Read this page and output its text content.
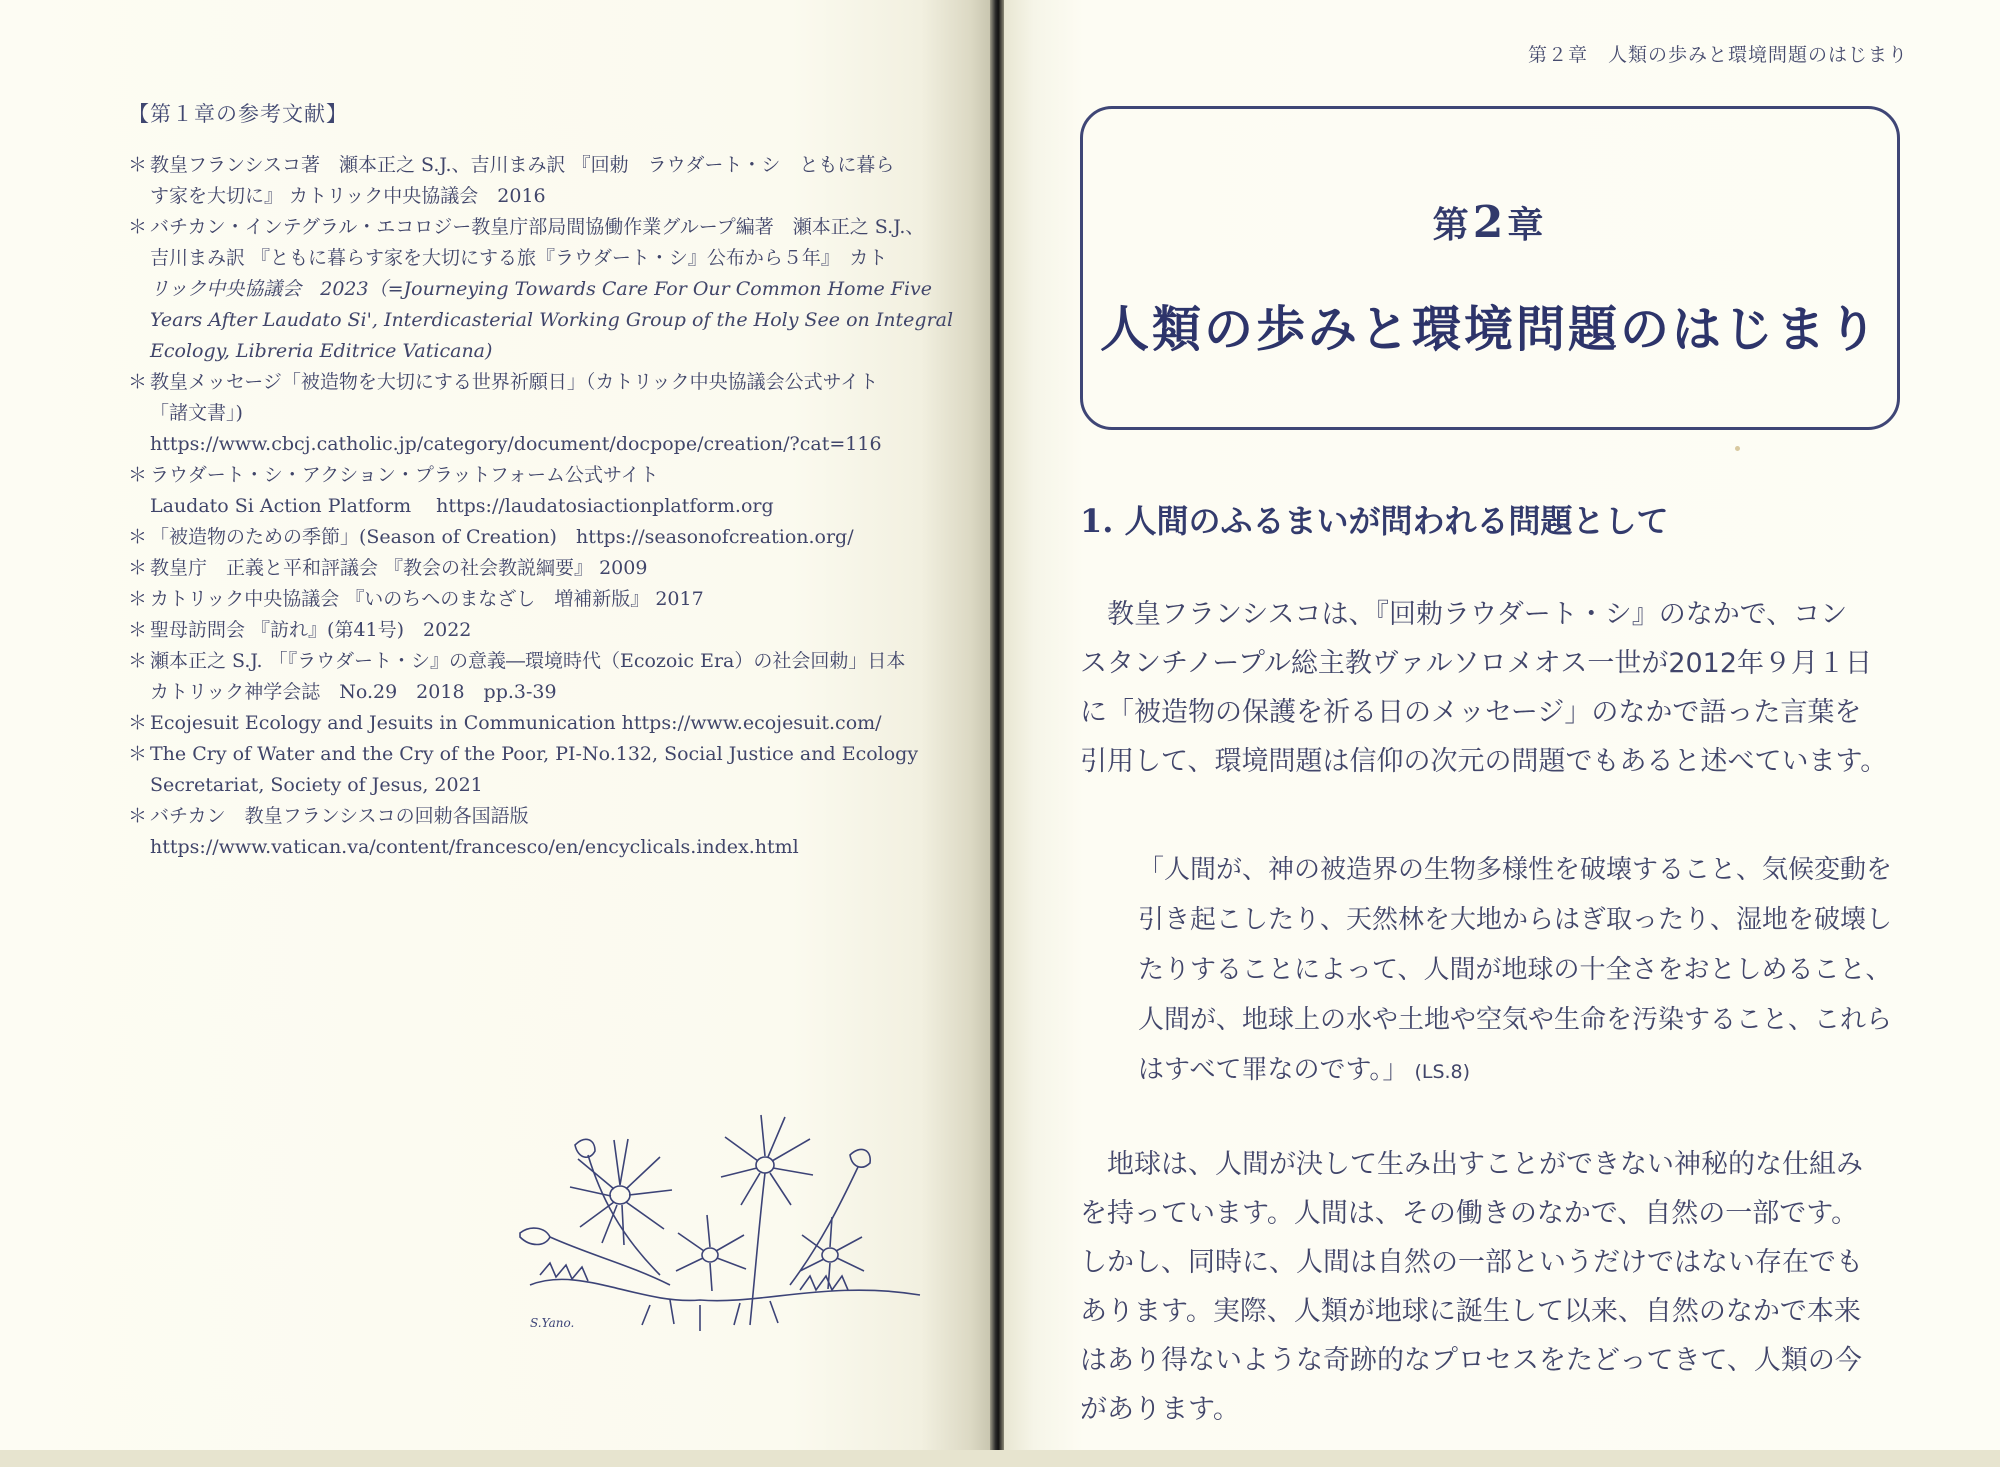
【第１章の参考文献】
＊ 教皇フランシスコ著　瀬本正之 S.J.、吉川まみ訳 『回勅　ラウダート・シ　ともに暮ら
す家を大切に』 カトリック中央協議会　2016
＊ バチカン・インテグラル・エコロジー教皇庁部局間協働作業グループ編著　瀬本正之 S.J.、
吉川まみ訳 『ともに暮らす家を大切にする旅『ラウダート・シ』公布から５年』　カト
リック中央協議会　2023（=Journeying Towards Care For Our Common Home Five
Years After Laudato Si', Interdicasterial Working Group of the Holy See on Integral
Ecology, Libreria Editrice Vaticana)
＊ 教皇メッセージ「被造物を大切にする世界祈願日」（カトリック中央協議会公式サイト
「諸文書」)
https://www.cbcj.catholic.jp/category/document/docpope/creation/?cat=116
＊ ラウダート・シ・アクション・プラットフォーム公式サイト
Laudato Si Action Platform　 https://laudatosiactionplatform.org
＊ 「被造物のための季節」(Season of Creation)　https://seasonofcreation.org/
＊ 教皇庁　正義と平和評議会 『教会の社会教説綱要』 2009
＊ カトリック中央協議会 『いのちへのまなざし　増補新版』 2017
＊ 聖母訪問会 『訪れ』(第41号)　2022
＊ 瀬本正之 S.J. 「『ラウダート・シ』の意義―環境時代（Ecozoic Era）の社会回勅」日本
カトリック神学会誌　No.29　2018　pp.3-39
＊ Ecojesuit Ecology and Jesuits in Communication https://www.ecojesuit.com/
＊ The Cry of Water and the Cry of the Poor, PI-No.132, Social Justice and Ecology
Secretariat, Society of Jesus, 2021
＊ バチカン　教皇フランシスコの回勅各国語版
https://www.vatican.va/content/francesco/en/encyclicals.index.html
S.Yano.
第２章　人類の歩みと環境問題のはじまり
第2章
人類の歩みと環境問題のはじまり
1. 人間のふるまいが問われる問題として
　教皇フランシスコは、『回勅ラウダート・シ』のなかで、コン
スタンチノープル総主教ヴァルソロメオス一世が2012年９月１日
に「被造物の保護を祈る日のメッセージ」のなかで語った言葉を
引用して、環境問題は信仰の次元の問題でもあると述べています。
「人間が、神の被造界の生物多様性を破壊すること、気候変動を
引き起こしたり、天然林を大地からはぎ取ったり、湿地を破壊し
たりすることによって、人間が地球の十全さをおとしめること、
人間が、地球上の水や土地や空気や生命を汚染すること、これら
はすべて罪なのです。」 (LS.8)
　地球は、人間が決して生み出すことができない神秘的な仕組み
を持っています。人間は、その働きのなかで、自然の一部です。
しかし、同時に、人間は自然の一部というだけではない存在でも
あります。実際、人類が地球に誕生して以来、自然のなかで本来
はあり得ないような奇跡的なプロセスをたどってきて、人類の今
があります。
